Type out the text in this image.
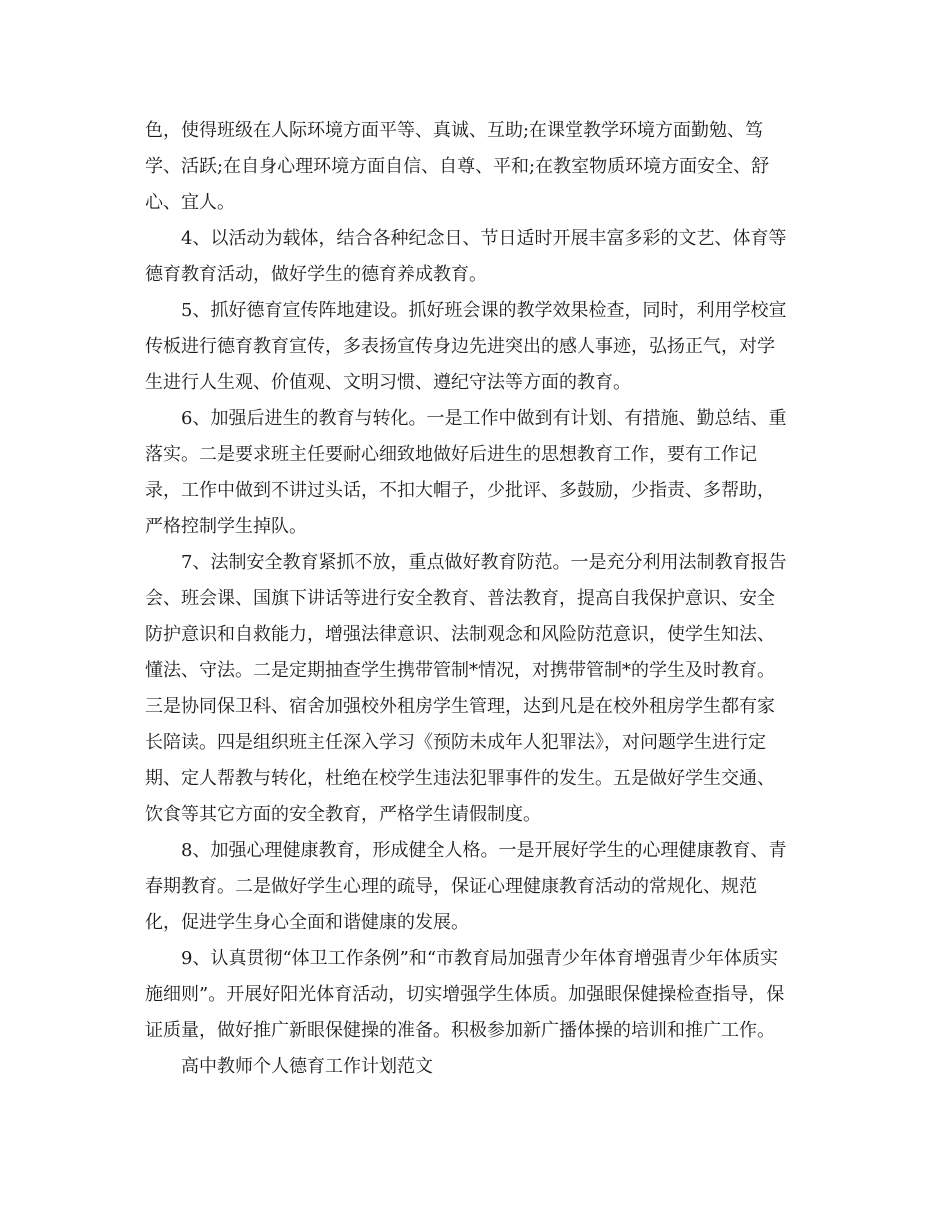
色，使得班级在人际环境方面平等、真诚、互助;在课堂教学环境方面勤勉、笃
学、活跃;在自身心理环境方面自信、自尊、平和;在教室物质环境方面安全、舒
心、宜人。
　　4、以活动为载体，结合各种纪念日、节日适时开展丰富多彩的文艺、体育等
德育教育活动，做好学生的德育养成教育。
　　5、抓好德育宣传阵地建设。抓好班会课的教学效果检查，同时，利用学校宣
传板进行德育教育宣传，多表扬宣传身边先进突出的感人事迹，弘扬正气，对学
生进行人生观、价值观、文明习惯、遵纪守法等方面的教育。
　　6、加强后进生的教育与转化。一是工作中做到有计划、有措施、勤总结、重
落实。二是要求班主任要耐心细致地做好后进生的思想教育工作，要有工作记
录，工作中做到不讲过头话，不扣大帽子，少批评、多鼓励，少指责、多帮助，
严格控制学生掉队。
　　7、法制安全教育紧抓不放，重点做好教育防范。一是充分利用法制教育报告
会、班会课、国旗下讲话等进行安全教育、普法教育，提高自我保护意识、安全
防护意识和自救能力，增强法律意识、法制观念和风险防范意识，使学生知法、
懂法、守法。二是定期抽查学生携带管制*情况，对携带管制*的学生及时教育。
三是协同保卫科、宿舍加强校外租房学生管理，达到凡是在校外租房学生都有家
长陪读。四是组织班主任深入学习《预防未成年人犯罪法》，对问题学生进行定
期、定人帮教与转化，杜绝在校学生违法犯罪事件的发生。五是做好学生交通、
饮食等其它方面的安全教育，严格学生请假制度。
　　8、加强心理健康教育，形成健全人格。一是开展好学生的心理健康教育、青
春期教育。二是做好学生心理的疏导，保证心理健康教育活动的常规化、规范
化，促进学生身心全面和谐健康的发展。
　　9、认真贯彻“体卫工作条例”和“市教育局加强青少年体育增强青少年体质实
施细则”。开展好阳光体育活动，切实增强学生体质。加强眼保健操检查指导，保
证质量，做好推广新眼保健操的准备。积极参加新广播体操的培训和推广工作。
　　高中教师个人德育工作计划范文
